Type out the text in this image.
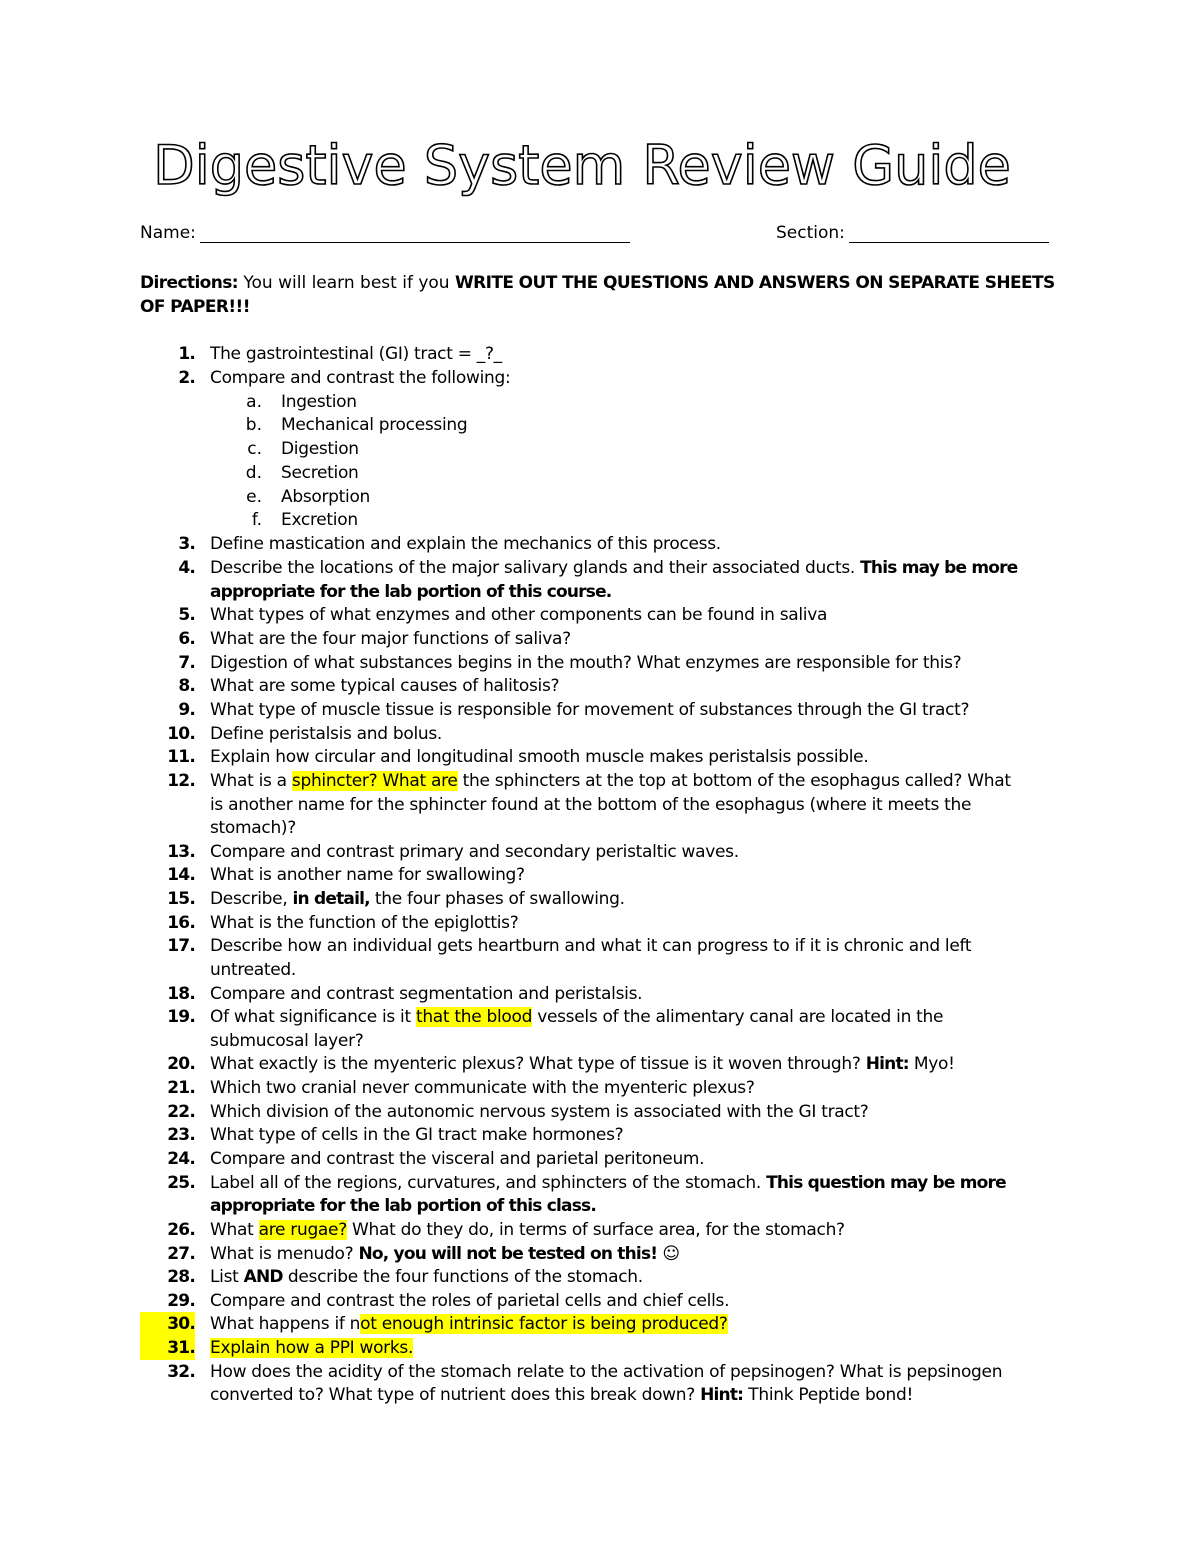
Digestive System Review Guide
Name:	Section:
Directions: You will learn best if you WRITE OUT THE QUESTIONS AND ANSWERS ON SEPARATE SHEETS
OF PAPER!!!
1. The gastrointestinal (GI) tract = _?_
2. Compare and contrast the following:
a. Ingestion
b. Mechanical processing
c. Digestion
d. Secretion
e. Absorption
f. Excretion
3. Define mastication and explain the mechanics of this process.
4. Describe the locations of the major salivary glands and their associated ducts. This may be more
appropriate for the lab portion of this course.
5. What types of what enzymes and other components can be found in saliva
6. What are the four major functions of saliva?
7. Digestion of what substances begins in the mouth? What enzymes are responsible for this?
8. What are some typical causes of halitosis?
9. What type of muscle tissue is responsible for movement of substances through the GI tract?
10. Define peristalsis and bolus.
11. Explain how circular and longitudinal smooth muscle makes peristalsis possible.
12. What is a sphincter? What are the sphincters at the top at bottom of the esophagus called? What
is another name for the sphincter found at the bottom of the esophagus (where it meets the
stomach)?
13. Compare and contrast primary and secondary peristaltic waves.
14. What is another name for swallowing?
15. Describe, in detail, the four phases of swallowing.
16. What is the function of the epiglottis?
17. Describe how an individual gets heartburn and what it can progress to if it is chronic and left
untreated.
18. Compare and contrast segmentation and peristalsis.
19. Of what significance is it that the blood vessels of the alimentary canal are located in the
submucosal layer?
20. What exactly is the myenteric plexus? What type of tissue is it woven through? Hint: Myo!
21. Which two cranial never communicate with the myenteric plexus?
22. Which division of the autonomic nervous system is associated with the GI tract?
23. What type of cells in the GI tract make hormones?
24. Compare and contrast the visceral and parietal peritoneum.
25. Label all of the regions, curvatures, and sphincters of the stomach. This question may be more
appropriate for the lab portion of this class.
26. What are rugae? What do they do, in terms of surface area, for the stomach?
27. What is menudo? No, you will not be tested on this! ☺
28. List AND describe the four functions of the stomach.
29. Compare and contrast the roles of parietal cells and chief cells.
30. What happens if not enough intrinsic factor is being produced?
31. Explain how a PPI works.
32. How does the acidity of the stomach relate to the activation of pepsinogen? What is pepsinogen
converted to? What type of nutrient does this break down? Hint: Think Peptide bond!
